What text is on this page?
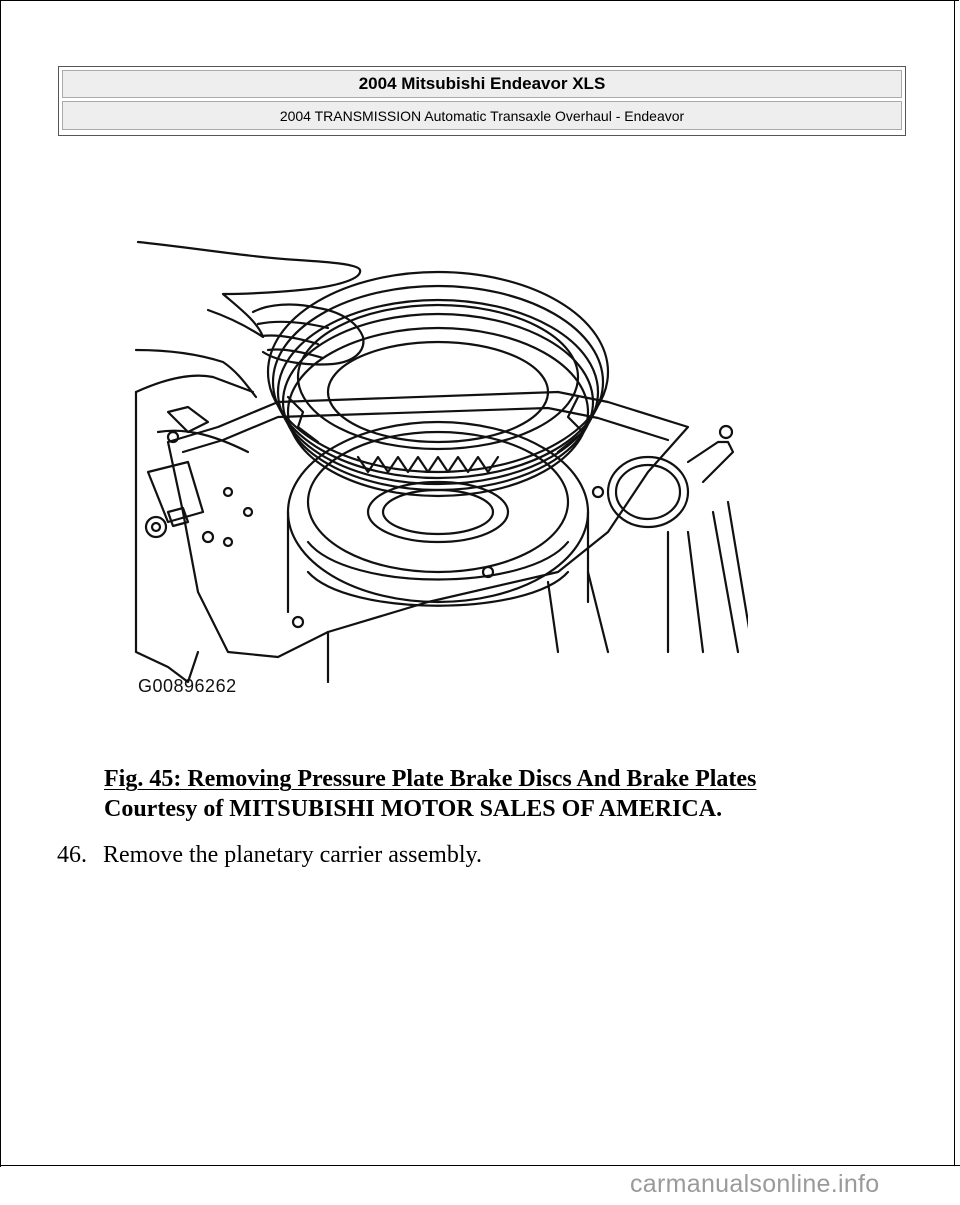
2004 Mitsubishi Endeavor XLS
2004 TRANSMISSION Automatic Transaxle Overhaul - Endeavor
G00896262
Fig. 45: Removing Pressure Plate Brake Discs And Brake Plates
Courtesy of MITSUBISHI MOTOR SALES OF AMERICA.
46. Remove the planetary carrier assembly.
carmanualsonline.info
